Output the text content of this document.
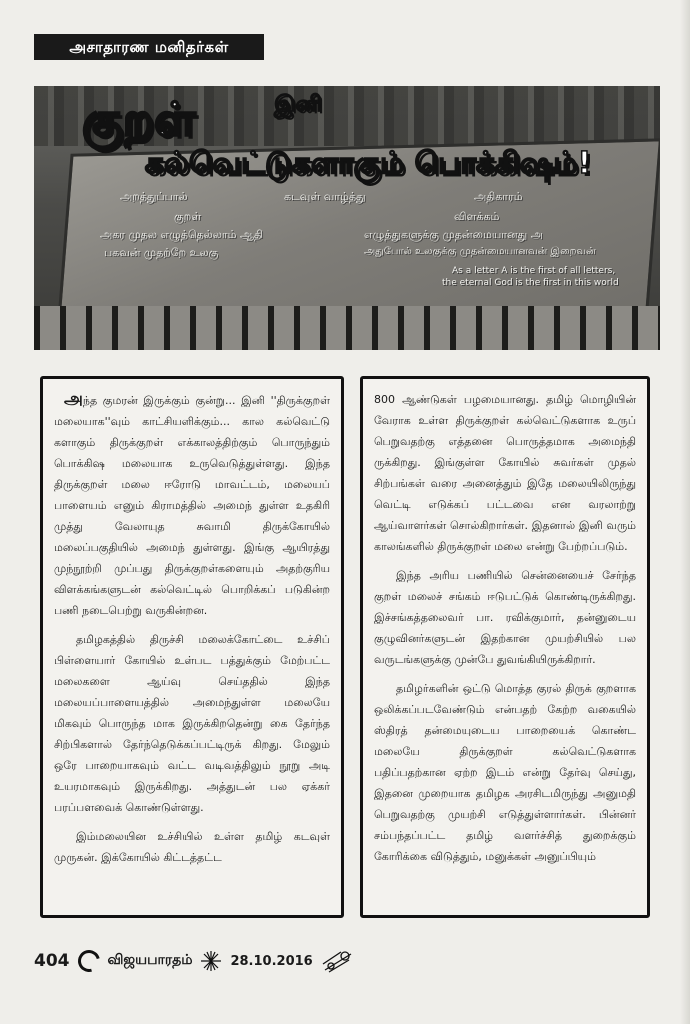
அசாதாரண மனிதர்கள்
அறத்துப்பால்	கடவுள் வாழ்த்து	அதிகாரம்
குறள்	விளக்கம்
அகர முதல எழுத்தெல்லாம் ஆதி	எழுத்துகளுக்கு முதன்மையானது அ
பகவன் முதற்றே உலகு	அதுபோல் உலகுக்கு முதன்மையானவன் இறைவன்
As a letter A is the first of all letters,
the eternal God is the first in this world
குறள்	இனி
கல்வெட்டுகளாகும் பொக்கிஷம்!

அந்த குமரன் இருக்கும் குன்று... இனி ''திருக்குறள் மலையாக''வும் காட்சியளிக்கும்... கால கல்வெட்டு களாகும் திருக்குறள் எக்காலத்திற்கும் பொருந்தும் பொக்கிஷ மலையாக உருவெடுத்துள்ளது. இந்த திருக்குறள் மலை ஈரோடு மாவட்டம், மலையப் பாளையம் எனும் கிராமத்தில் அமைந் துள்ள உதகிரி முத்து வேலாயுத சுவாமி திருக்கோயில் மலைப்பகுதியில் அமைந் துள்ளது. இங்கு ஆயிரத்து முந்நூற்றி முப்பது திருக்குறள்களையும் அதற்குரிய விளக்கங்களுடன் கல்வெட்டில் பொறிக்கப் படுகின்ற பணி நடைபெற்று வருகின்றன.

தமிழகத்தில் திருச்சி மலைக்கோட்டை உச்சிப் பிள்ளையார் கோயில் உள்பட பத்துக்கும் மேற்பட்ட மலைகளை ஆய்வு செய்ததில் இந்த மலையப்பாளையத்தில் அமைந்துள்ள மலையே மிகவும் பொருந்த மாக இருக்கிறதென்று கை தேர்ந்த சிற்பிகளால் தேர்ந்தெடுக்கப்பட்டிருக் கிறது. மேலும் ஒரே பாறையாகவும் வட்ட வடிவத்திலும் நூறு அடி உயரமாகவும் இருக்கிறது. அத்துடன் பல ஏக்கர் பரப்பளவைக் கொண்டுள்ளது.

இம்மலையின உச்சியில் உள்ள தமிழ் கடவுள் முருகன். இக்கோயில் கிட்டத்தட்ட

800 ஆண்டுகள் பழமையானது. தமிழ் மொழியின் வேராக உள்ள திருக்குறள் கல்வெட்டுகளாக உருப் பெறுவதற்கு எத்தனை பொருத்தமாக அமைந்தி ருக்கிறது. இங்குள்ள கோயில் சுவர்கள் முதல் சிற்பங்கள் வரை அனைத்தும் இதே மலையிலிருந்து வெட்டி எடுக்கப் பட்டவை என வரலாற்று ஆய்வாளர்கள் சொல்கிறார்கள். இதனால் இனி வரும் காலங்களில் திருக்குறள் மலை என்று பேற்றப்படும்.

இந்த அரிய பணியில் சென்னையைச் சேர்ந்த குறள் மலைச் சங்கம் ஈடுபட்டுக் கொண்டிருக்கிறது. இச்சங்கத்தலைவர் பா. ரவிக்குமார், தன்னுடைய குழுவினர்களுடன் இதற்கான முயற்சியில் பல வருடங்களுக்கு முன்பே துவங்கியிருக்கிறார்.

தமிழர்களின் ஒட்டு மொத்த குரல் திருக் குறளாக ஒலிக்கப்படவேண்டும் என்பதற் கேற்ற வகையில் ஸ்திரத் தன்மையுடைய பாறையைக் கொண்ட மலையே திருக்குறள் கல்வெட்டுகளாக பதிப்பதற்கான ஏற்ற இடம் என்று தேர்வு செய்து, இதனை முறையாக தமிழக அரசிடமிருந்து அனுமதி பெறுவதற்கு முயற்சி எடுத்துள்ளார்கள். பின்னர் சம்பந்தப்பட்ட தமிழ் வளர்ச்சித் துறைக்கும் கோரிக்கை விடுத்தும், மனுக்கள் அனுப்பியும்

404	விஜயபாரதம்	28.10.2016
